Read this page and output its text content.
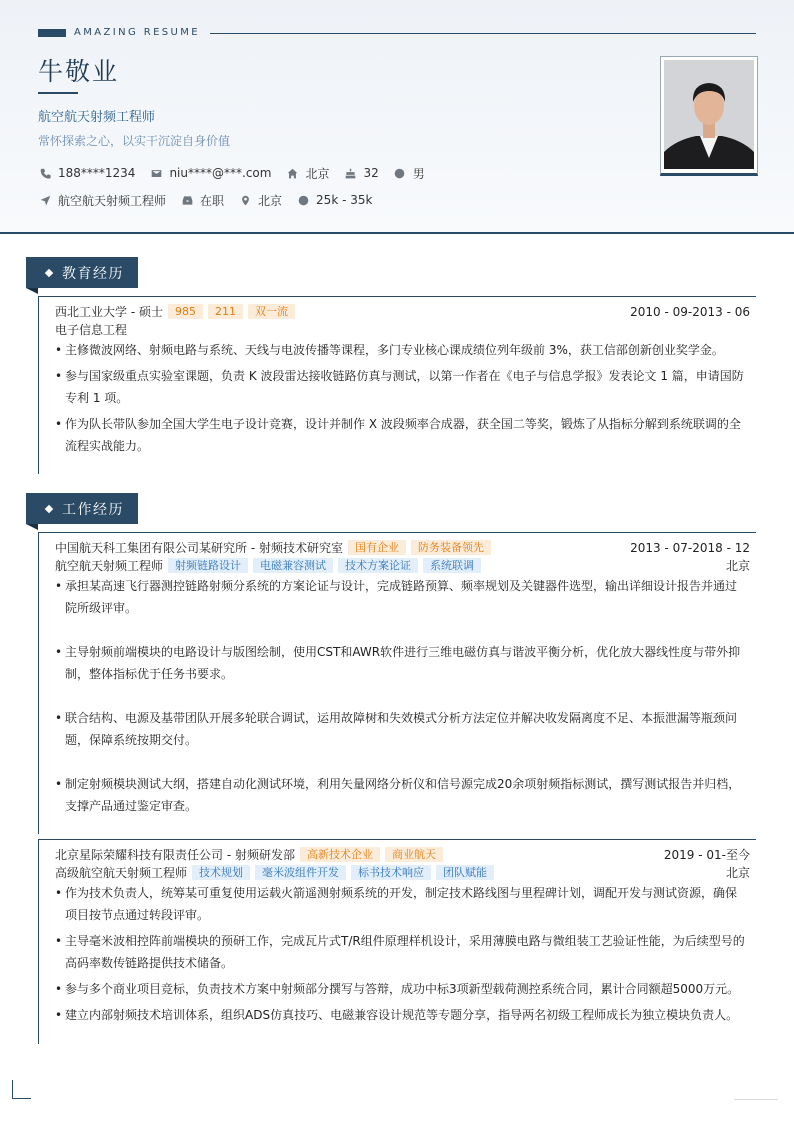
AMAZING RESUME
牛敬业
航空航天射频工程师
常怀探索之心，以实干沉淀自身价值
188****1234	niu****@***.com	北京	32	男
航空航天射频工程师	在职	北京	25k - 35k
教育经历
西北工业大学 - 硕士	985	211	双一流	2010 - 09-2013 - 06
电子信息工程
• 主修微波网络、射频电路与系统、天线与电波传播等课程，多门专业核心课成绩位列年级前 3%，获工信部创新创业奖学金。
• 参与国家级重点实验室课题，负责 K 波段雷达接收链路仿真与测试，以第一作者在《电子与信息学报》发表论文 1 篇，申请国防专利 1 项。
• 作为队长带队参加全国大学生电子设计竞赛，设计并制作 X 波段频率合成器，获全国二等奖，锻炼了从指标分解到系统联调的全流程实战能力。
工作经历
中国航天科工集团有限公司某研究所 - 射频技术研究室	国有企业	防务装备领先	2013 - 07-2018 - 12
航空航天射频工程师	射频链路设计	电磁兼容测试	技术方案论证	系统联调	北京
• 承担某高速飞行器测控链路射频分系统的方案论证与设计，完成链路预算、频率规划及关键器件选型，输出详细设计报告并通过院所级评审。
• 主导射频前端模块的电路设计与版图绘制，使用CST和AWR软件进行三维电磁仿真与谐波平衡分析，优化放大器线性度与带外抑制，整体指标优于任务书要求。
• 联合结构、电源及基带团队开展多轮联合调试，运用故障树和失效模式分析方法定位并解决收发隔离度不足、本振泄漏等瓶颈问题，保障系统按期交付。
• 制定射频模块测试大纲，搭建自动化测试环境，利用矢量网络分析仪和信号源完成20余项射频指标测试，撰写测试报告并归档，支撑产品通过鉴定审查。
北京星际荣耀科技有限责任公司 - 射频研发部	高新技术企业	商业航天	2019 - 01-至今
高级航空航天射频工程师	技术规划	毫米波组件开发	标书技术响应	团队赋能	北京
• 作为技术负责人，统筹某可重复使用运载火箭遥测射频系统的开发，制定技术路线图与里程碑计划，调配开发与测试资源，确保项目按节点通过转段评审。
• 主导毫米波相控阵前端模块的预研工作，完成瓦片式T/R组件原理样机设计，采用薄膜电路与微组装工艺验证性能，为后续型号的高码率数传链路提供技术储备。
• 参与多个商业项目竞标，负责技术方案中射频部分撰写与答辩，成功中标3项新型载荷测控系统合同，累计合同额超5000万元。
• 建立内部射频技术培训体系，组织ADS仿真技巧、电磁兼容设计规范等专题分享，指导两名初级工程师成长为独立模块负责人。
